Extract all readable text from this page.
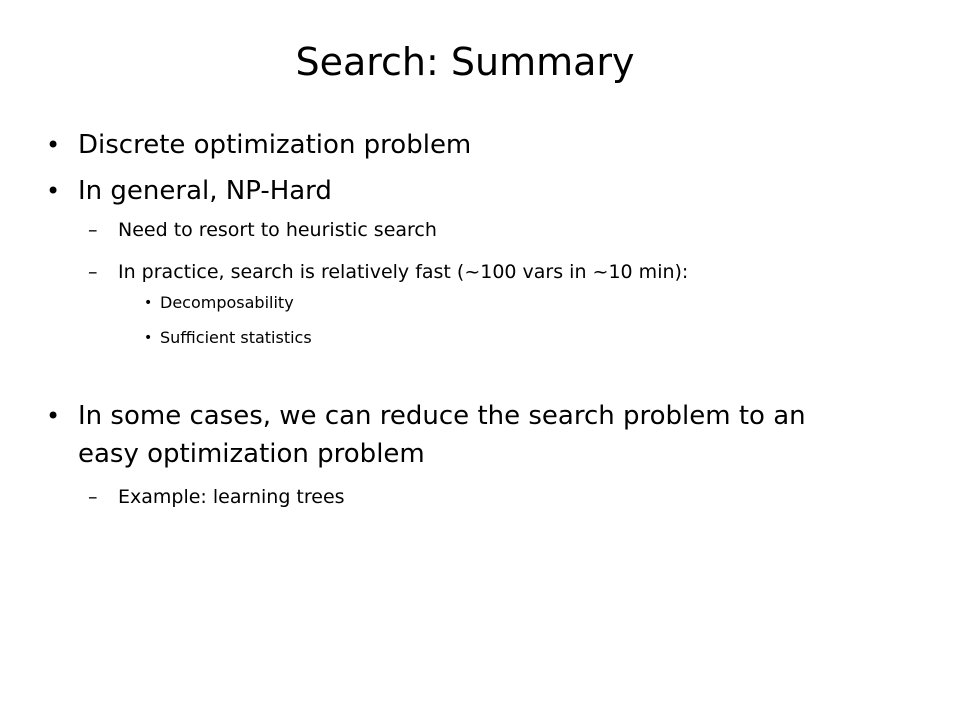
Search: Summary
• Discrete optimization problem
• In general, NP-Hard
– Need to resort to heuristic search
– In practice, search is relatively fast (~100 vars in ~10 min):
• Decomposability
• Sufficient statistics
• In some cases, we can reduce the search problem to an
easy optimization problem
– Example: learning trees
